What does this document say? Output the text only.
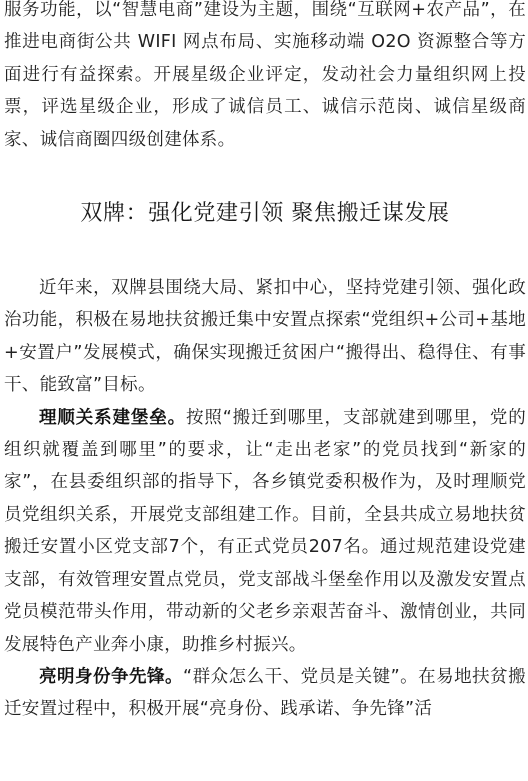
服务功能，以“智慧电商”建设为主题，围绕“互联网+农产品”，在推进电商街公共 WIFI 网点布局、实施移动端 O2O 资源整合等方面进行有益探索。开展星级企业评定，发动社会力量组织网上投票，评选星级企业，形成了诚信员工、诚信示范岗、诚信星级商家、诚信商圈四级创建体系。

双牌：强化党建引领 聚焦搬迁谋发展

近年来，双牌县围绕大局、紧扣中心，坚持党建引领、强化政治功能，积极在易地扶贫搬迁集中安置点探索“党组织+公司+基地+安置户”发展模式，确保实现搬迁贫困户“搬得出、稳得住、有事干、能致富”目标。

理顺关系建堡垒。按照“搬迁到哪里，支部就建到哪里，党的组织就覆盖到哪里”的要求，让“走出老家”的党员找到“新家的家”，在县委组织部的指导下，各乡镇党委积极作为，及时理顺党员党组织关系，开展党支部组建工作。目前，全县共成立易地扶贫搬迁安置小区党支部7个，有正式党员207名。通过规范建设党建支部，有效管理安置点党员，党支部战斗堡垒作用以及激发安置点党员模范带头作用，带动新的父老乡亲艰苦奋斗、激情创业，共同发展特色产业奔小康，助推乡村振兴。

亮明身份争先锋。“群众怎么干、党员是关键”。在易地扶贫搬迁安置过程中，积极开展“亮身份、践承诺、争先锋”活
